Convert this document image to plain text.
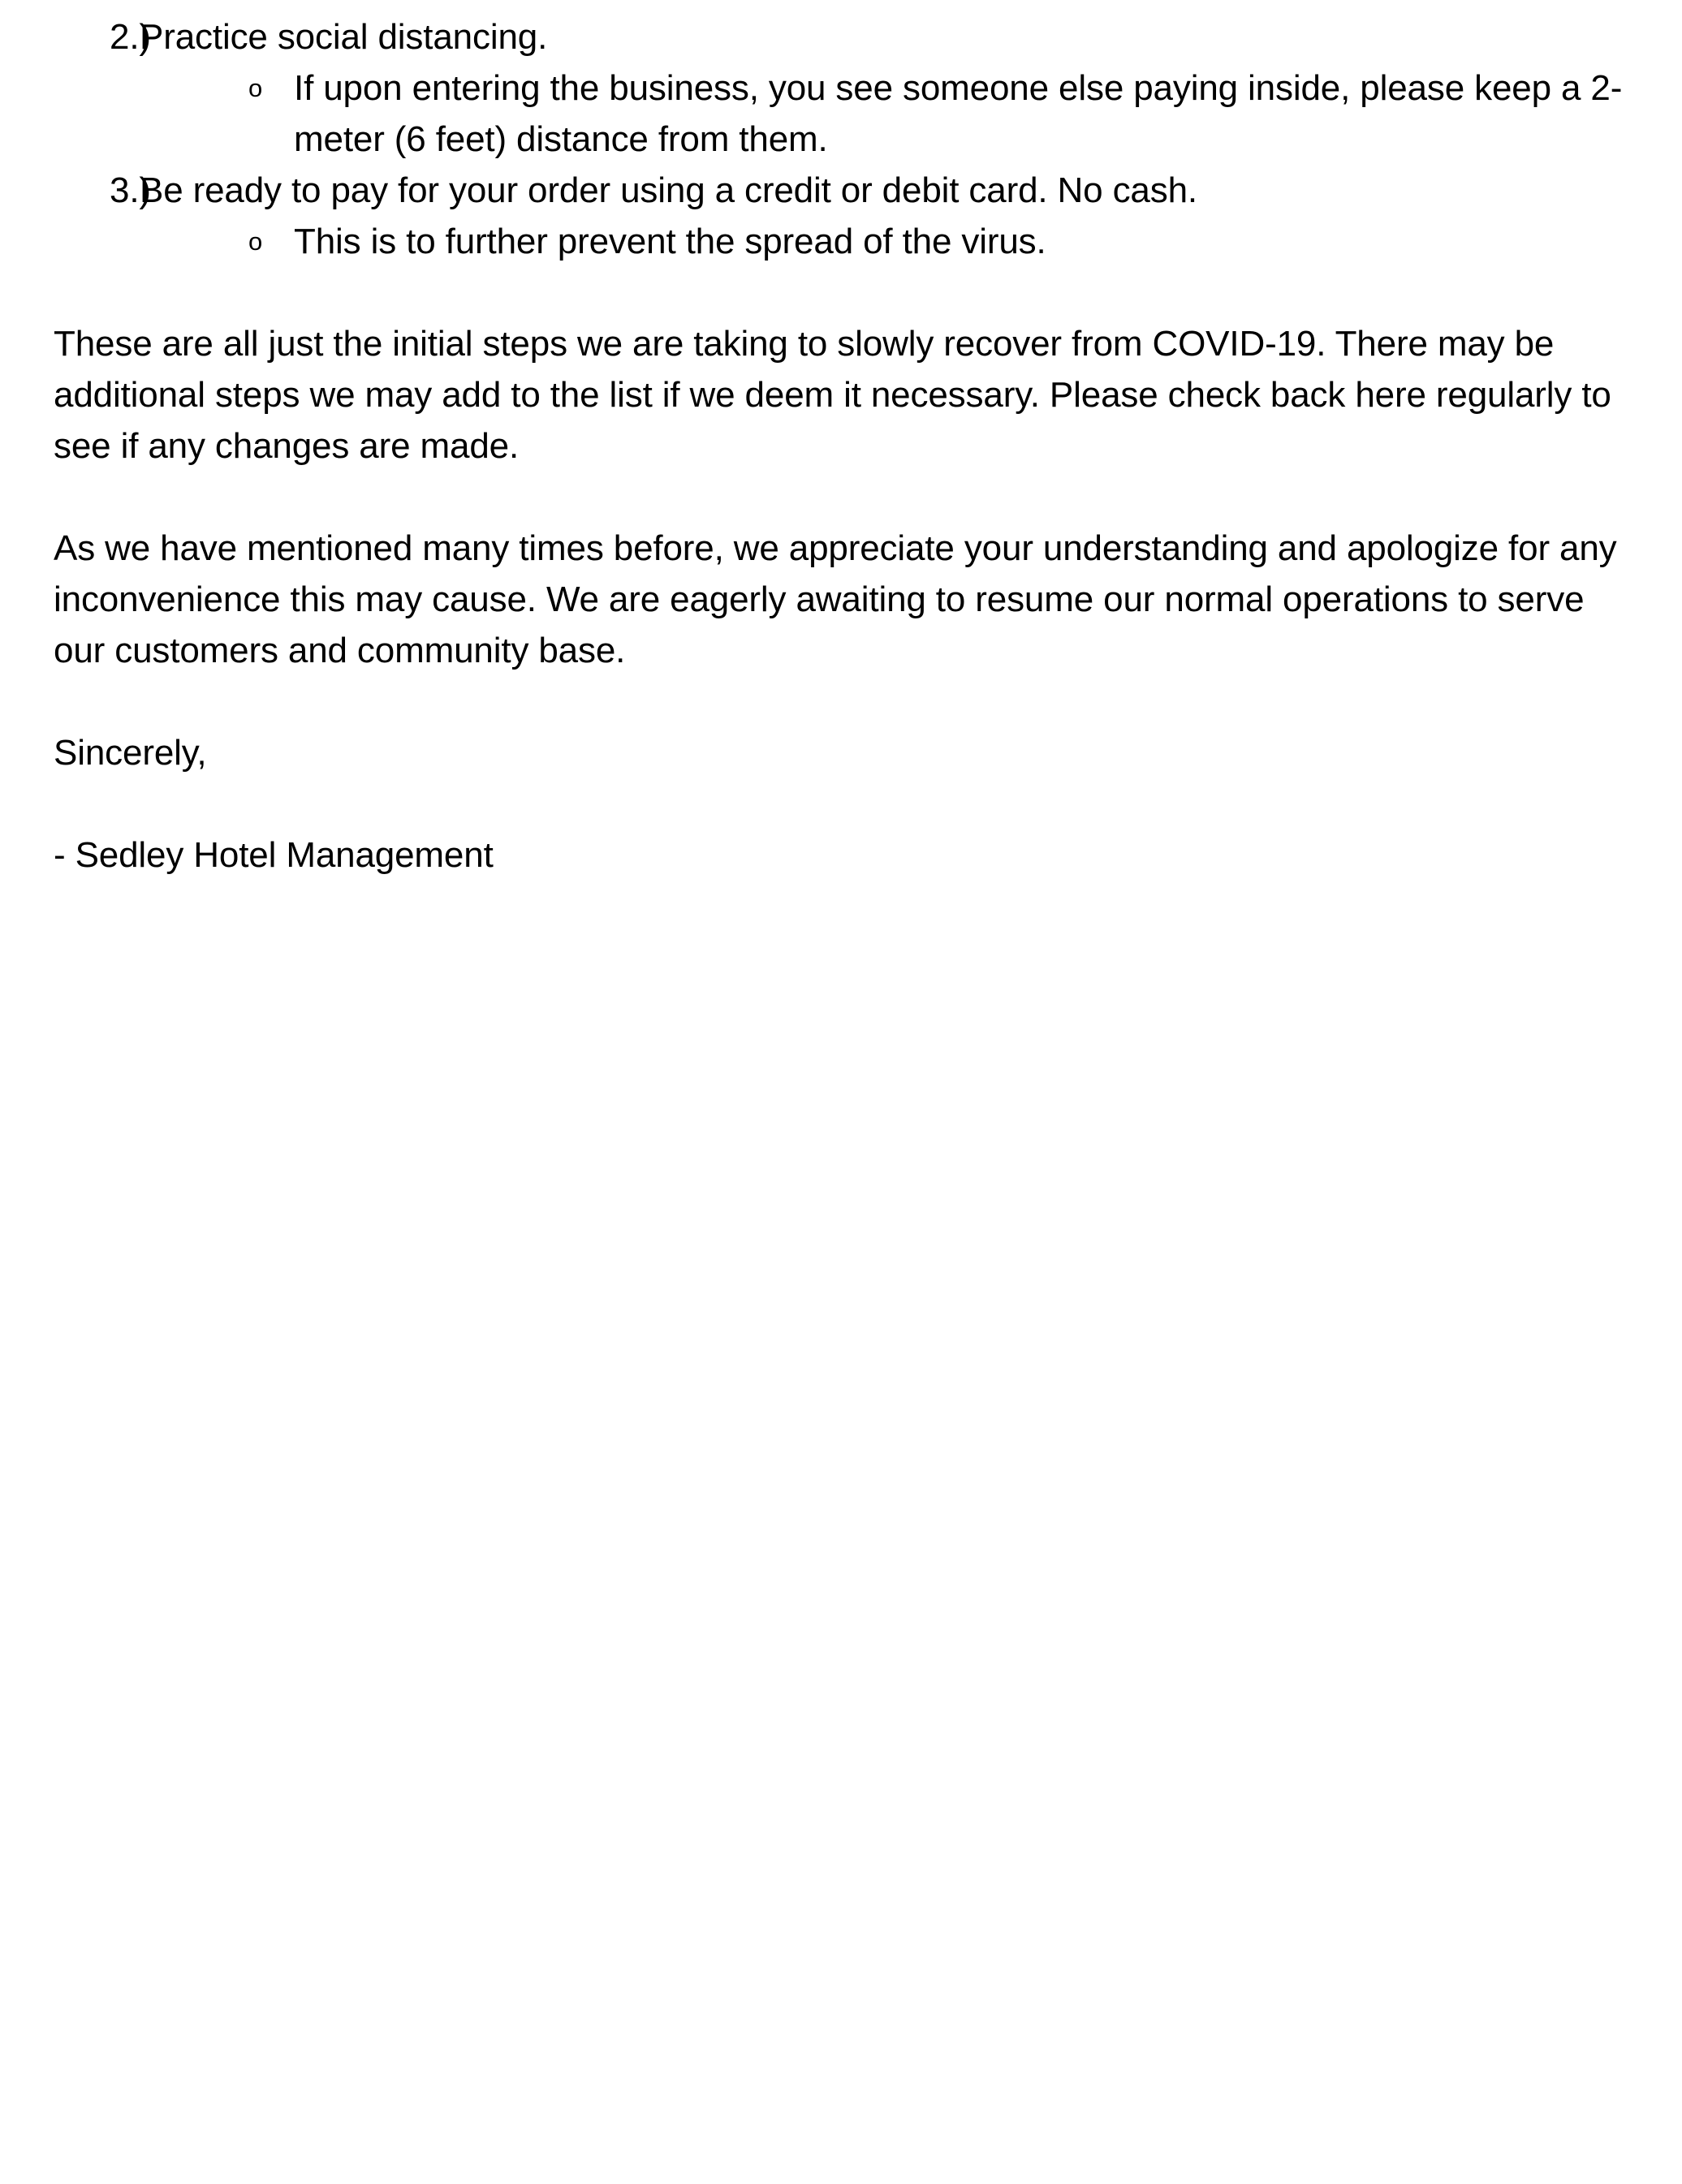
2.)
Practice social distancing.
o If upon entering the business, you see someone else paying inside, please keep a 2-meter (6 feet) distance from them.
3.)
Be ready to pay for your order using a credit or debit card. No cash.
o This is to further prevent the spread of the virus.

These are all just the initial steps we are taking to slowly recover from COVID-19. There may be additional steps we may add to the list if we deem it necessary. Please check back here regularly to see if any changes are made.

As we have mentioned many times before, we appreciate your understanding and apologize for any inconvenience this may cause. We are eagerly awaiting to resume our normal operations to serve our customers and community base.

Sincerely,

- Sedley Hotel Management
